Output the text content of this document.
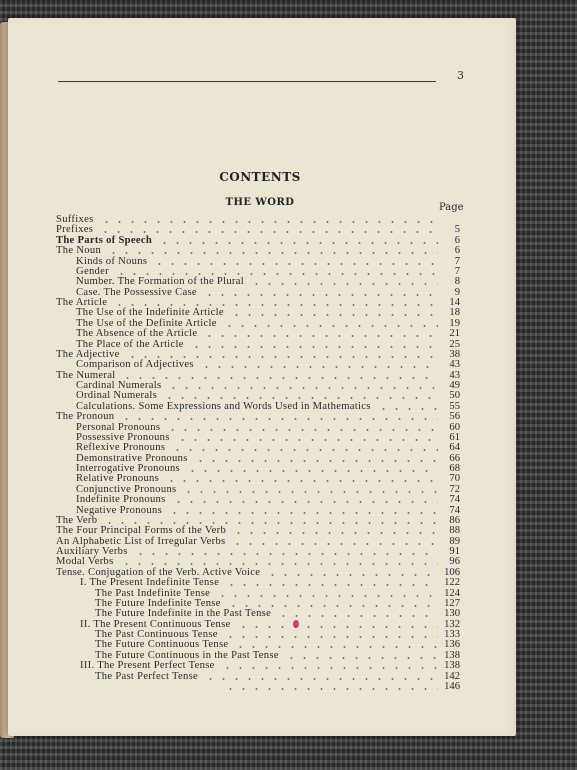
3
CONTENTS
THE WORD	Page
Suffixes
Prefixes	5
The Parts of Speech	6
The Noun	6
Kinds of Nouns	7
Gender	7
Number. The Formation of the Plural	8
Case. The Possessive Case	9
The Article	14
The Use of the Indefinite Article	18
The Use of the Definite Article	19
The Absence of the Article	21
The Place of the Article	25
The Adjective	38
Comparison of Adjectives	43
The Numeral	43
Cardinal Numerals	49
Ordinal Numerals	50
Calculations. Some Expressions and Words Used in Mathematics	55
The Pronoun	56
Personal Pronouns	60
Possessive Pronouns	61
Reflexive Pronouns	64
Demonstrative Pronouns	66
Interrogative Pronouns	68
Relative Pronouns	70
Conjunctive Pronouns	72
Indefinite Pronouns	74
Negative Pronouns	74
The Verb	86
The Four Principal Forms of the Verb	88
An Alphabetic List of Irregular Verbs	89
Auxiliary Verbs	91
Modal Verbs	96
Tense. Conjugation of the Verb. Active Voice	106
I. The Present Indefinite Tense	122
The Past Indefinite Tense	124
The Future Indefinite Tense	127
The Future Indefinite in the Past Tense	130
II. The Present Continuous Tense	132
The Past Continuous Tense	133
The Future Continuous Tense	136
The Future Continuous in the Past Tense	138
III. The Present Perfect Tense	138
The Past Perfect Tense	142
146
